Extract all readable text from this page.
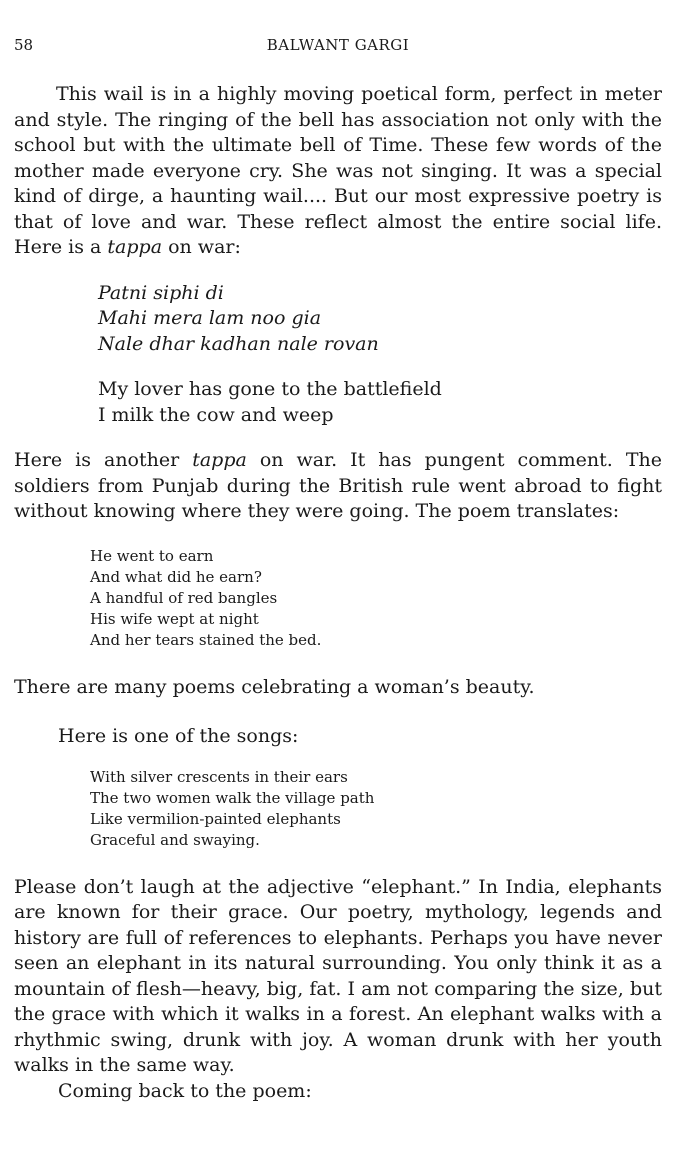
58	BALWANT GARGI

This wail is in a highly moving poetical form, perfect in meter and style. The ringing of the bell has association not only with the school but with the ultimate bell of Time. These few words of the mother made everyone cry. She was not singing. It was a special kind of dirge, a haunting wail.... But our most expressive poetry is that of love and war. These reflect almost the entire social life. Here is a tappa on war:

Patni siphi di
Mahi mera lam noo gia
Nale dhar kadhan nale rovan
My lover has gone to the battlefield
I milk the cow and weep

Here is another tappa on war. It has pungent comment. The soldiers from Punjab during the British rule went abroad to fight without knowing where they were going. The poem translates:

He went to earn
And what did he earn?
A handful of red bangles
His wife wept at night
And her tears stained the bed.

There are many poems celebrating a woman’s beauty.

Here is one of the songs:

With silver crescents in their ears
The two women walk the village path
Like vermilion-painted elephants
Graceful and swaying.

Please don’t laugh at the adjective “elephant.” In India, elephants are known for their grace. Our poetry, mythology, legends and history are full of references to elephants. Perhaps you have never seen an elephant in its natural surrounding. You only think it as a mountain of flesh—heavy, big, fat. I am not comparing the size, but the grace with which it walks in a forest. An elephant walks with a rhythmic swing, drunk with joy. A woman drunk with her youth walks in the same way.

Coming back to the poem:
